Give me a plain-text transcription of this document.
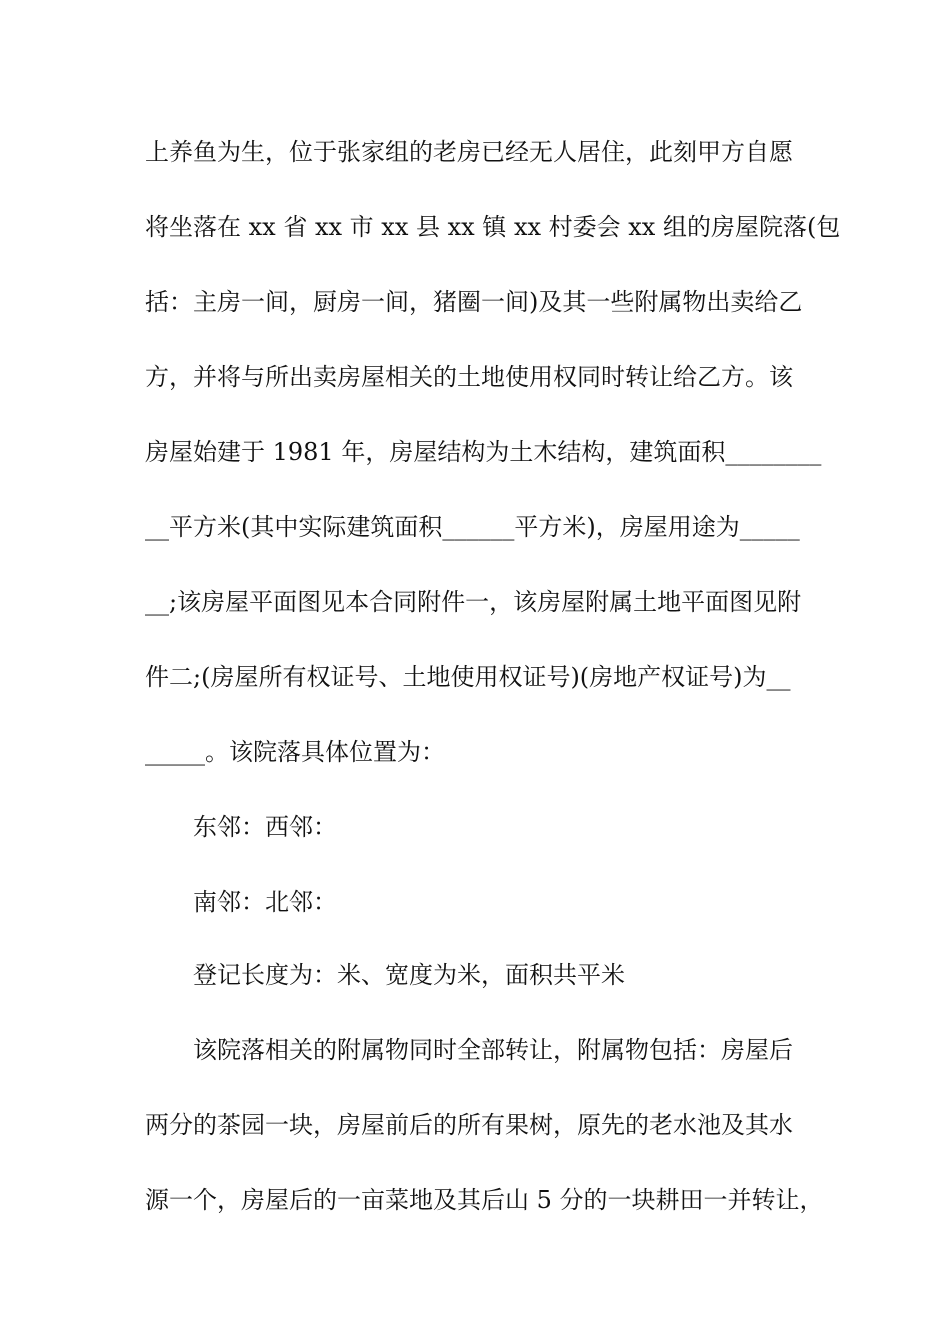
上养鱼为生，位于张家组的老房已经无人居住，此刻甲方自愿
将坐落在 xx 省 xx 市 xx 县 xx 镇 xx 村委会 xx 组的房屋院落(包
括：主房一间，厨房一间，猪圈一间)及其一些附属物出卖给乙
方，并将与所出卖房屋相关的土地使用权同时转让给乙方。该
房屋始建于 1981 年，房屋结构为土木结构，建筑面积________
__平方米(其中实际建筑面积______平方米)，房屋用途为_____
__;该房屋平面图见本合同附件一，该房屋附属土地平面图见附
件二;(房屋所有权证号、土地使用权证号)(房地产权证号)为__
_____。该院落具体位置为：
东邻：西邻：
南邻：北邻：
登记长度为：米、宽度为米，面积共平米
该院落相关的附属物同时全部转让，附属物包括：房屋后
两分的茶园一块，房屋前后的所有果树，原先的老水池及其水
源一个，房屋后的一亩菜地及其后山 5 分的一块耕田一并转让，
